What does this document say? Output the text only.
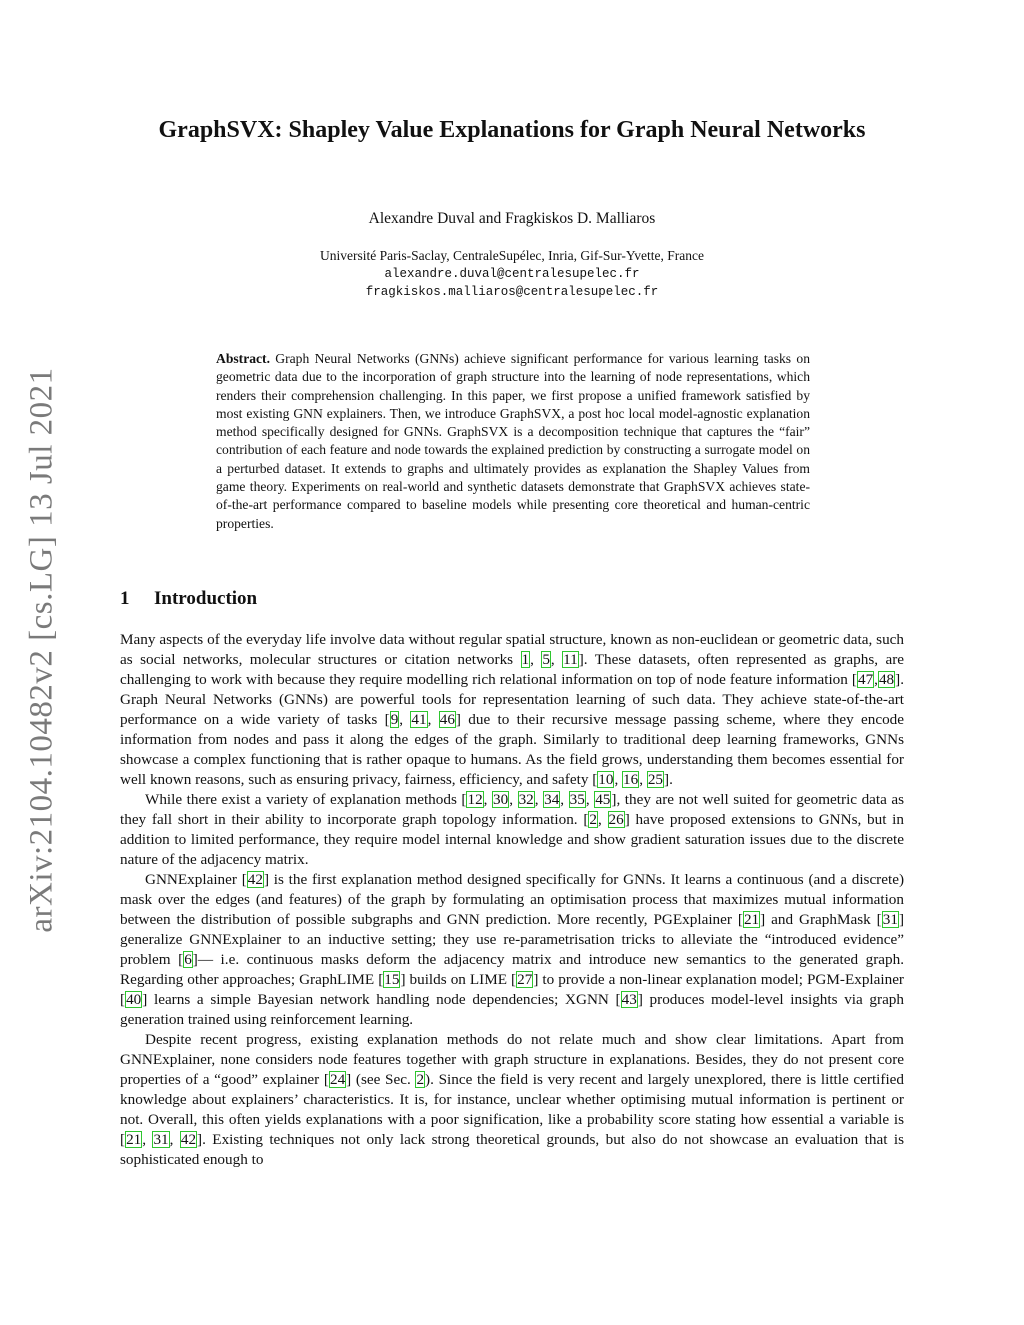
arXiv:2104.10482v2 [cs.LG] 13 Jul 2021
GraphSVX: Shapley Value Explanations for Graph Neural Networks
Alexandre Duval and Fragkiskos D. Malliaros
Université Paris-Saclay, CentraleSupélec, Inria, Gif-Sur-Yvette, France
alexandre.duval@centralesupelec.fr
fragkiskos.malliaros@centralesupelec.fr
Abstract. Graph Neural Networks (GNNs) achieve significant performance for various learning tasks on geometric data due to the incorporation of graph structure into the learning of node representations, which renders their comprehension challenging. In this paper, we first propose a unified framework satisfied by most existing GNN explainers. Then, we introduce GraphSVX, a post hoc local model-agnostic explanation method specifically designed for GNNs. GraphSVX is a decomposition technique that captures the “fair” contribution of each feature and node towards the explained prediction by constructing a surrogate model on a perturbed dataset. It extends to graphs and ultimately provides as explanation the Shapley Values from game theory. Experiments on real-world and synthetic datasets demonstrate that GraphSVX achieves state-of-the-art performance compared to baseline models while presenting core theoretical and human-centric properties.
1 Introduction

Many aspects of the everyday life involve data without regular spatial structure, known as non-euclidean or geometric data, such as social networks, molecular structures or citation networks 1, 5, 11]. These datasets, often represented as graphs, are challenging to work with because they require modelling rich relational information on top of node feature information [47,48]. Graph Neural Networks (GNNs) are powerful tools for representation learning of such data. They achieve state-of-the-art performance on a wide variety of tasks [9, 41, 46] due to their recursive message passing scheme, where they encode information from nodes and pass it along the edges of the graph. Similarly to traditional deep learning frameworks, GNNs showcase a complex functioning that is rather opaque to humans. As the field grows, understanding them becomes essential for well known reasons, such as ensuring privacy, fairness, efficiency, and safety [10, 16, 25].

While there exist a variety of explanation methods [12, 30, 32, 34, 35, 45], they are not well suited for geometric data as they fall short in their ability to incorporate graph topology information. [2, 26] have proposed extensions to GNNs, but in addition to limited performance, they require model internal knowledge and show gradient saturation issues due to the discrete nature of the adjacency matrix.

GNNExplainer [42] is the first explanation method designed specifically for GNNs. It learns a continuous (and a discrete) mask over the edges (and features) of the graph by formulating an optimisation process that maximizes mutual information between the distribution of possible subgraphs and GNN prediction. More recently, PGExplainer [21] and GraphMask [31] generalize GNNExplainer to an inductive setting; they use re-parametrisation tricks to alleviate the “introduced evidence” problem [6]— i.e. continuous masks deform the adjacency matrix and introduce new semantics to the generated graph. Regarding other approaches; GraphLIME [15] builds on LIME [27] to provide a non-linear explanation model; PGM-Explainer [40] learns a simple Bayesian network handling node dependencies; XGNN [43] produces model-level insights via graph generation trained using reinforcement learning.

Despite recent progress, existing explanation methods do not relate much and show clear limitations. Apart from GNNExplainer, none considers node features together with graph structure in explanations. Besides, they do not present core properties of a “good” explainer [24] (see Sec. 2). Since the field is very recent and largely unexplored, there is little certified knowledge about explainers’ characteristics. It is, for instance, unclear whether optimising mutual information is pertinent or not. Overall, this often yields explanations with a poor signification, like a probability score stating how essential a variable is [21, 31, 42]. Existing techniques not only lack strong theoretical grounds, but also do not showcase an evaluation that is sophisticated enough to
